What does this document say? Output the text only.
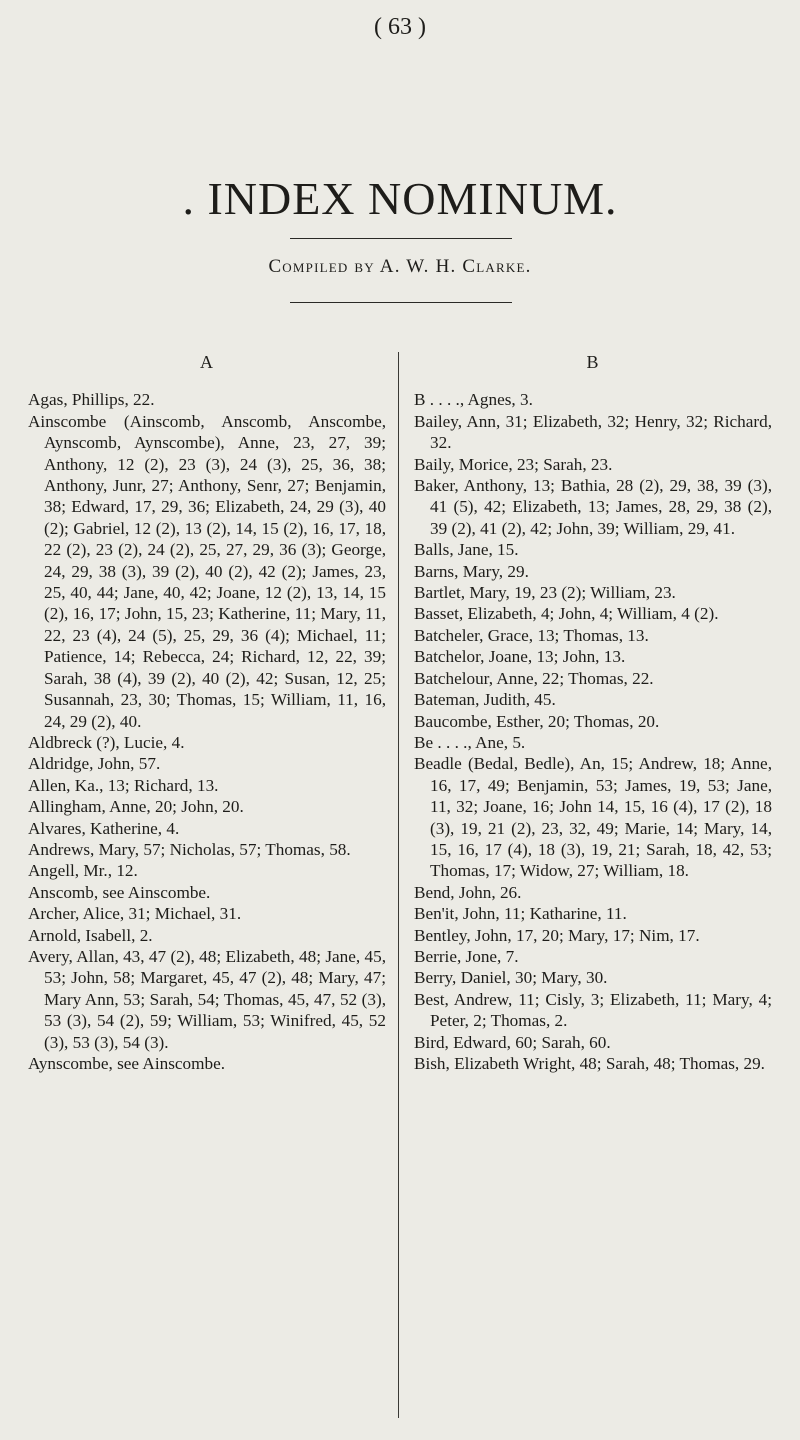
( 63 )
. INDEX NOMINUM.
Compiled by A. W. H. Clarke.
A

Agas, Phillips, 22.

Ainscombe (Ainscomb, Anscomb, Anscombe, Aynscomb, Aynscombe), Anne, 23, 27, 39; Anthony, 12 (2), 23 (3), 24 (3), 25, 36, 38; Anthony, Junr, 27; Anthony, Senr, 27; Benjamin, 38; Edward, 17, 29, 36; Elizabeth, 24, 29 (3), 40 (2); Gabriel, 12 (2), 13 (2), 14, 15 (2), 16, 17, 18, 22 (2), 23 (2), 24 (2), 25, 27, 29, 36 (3); George, 24, 29, 38 (3), 39 (2), 40 (2), 42 (2); James, 23, 25, 40, 44; Jane, 40, 42; Joane, 12 (2), 13, 14, 15 (2), 16, 17; John, 15, 23; Katherine, 11; Mary, 11, 22, 23 (4), 24 (5), 25, 29, 36 (4); Michael, 11; Patience, 14; Rebecca, 24; Richard, 12, 22, 39; Sarah, 38 (4), 39 (2), 40 (2), 42; Susan, 12, 25; Susannah, 23, 30; Thomas, 15; William, 11, 16, 24, 29 (2), 40.

Aldbreck (?), Lucie, 4.

Aldridge, John, 57.

Allen, Ka., 13; Richard, 13.

Allingham, Anne, 20; John, 20.

Alvares, Katherine, 4.

Andrews, Mary, 57; Nicholas, 57; Thomas, 58.

Angell, Mr., 12.

Anscomb, see Ainscombe.

Archer, Alice, 31; Michael, 31.

Arnold, Isabell, 2.

Avery, Allan, 43, 47 (2), 48; Elizabeth, 48; Jane, 45, 53; John, 58; Margaret, 45, 47 (2), 48; Mary, 47; Mary Ann, 53; Sarah, 54; Thomas, 45, 47, 52 (3), 53 (3), 54 (2), 59; William, 53; Winifred, 45, 52 (3), 53 (3), 54 (3).

Aynscombe, see Ainscombe.

B

B . . . ., Agnes, 3.

Bailey, Ann, 31; Elizabeth, 32; Henry, 32; Richard, 32.

Baily, Morice, 23; Sarah, 23.

Baker, Anthony, 13; Bathia, 28 (2), 29, 38, 39 (3), 41 (5), 42; Elizabeth, 13; James, 28, 29, 38 (2), 39 (2), 41 (2), 42; John, 39; William, 29, 41.

Balls, Jane, 15.

Barns, Mary, 29.

Bartlet, Mary, 19, 23 (2); William, 23.

Basset, Elizabeth, 4; John, 4; William, 4 (2).

Batcheler, Grace, 13; Thomas, 13.

Batchelor, Joane, 13; John, 13.

Batchelour, Anne, 22; Thomas, 22.

Bateman, Judith, 45.

Baucombe, Esther, 20; Thomas, 20.

Be . . . ., Ane, 5.

Beadle (Bedal, Bedle), An, 15; Andrew, 18; Anne, 16, 17, 49; Benjamin, 53; James, 19, 53; Jane, 11, 32; Joane, 16; John 14, 15, 16 (4), 17 (2), 18 (3), 19, 21 (2), 23, 32, 49; Marie, 14; Mary, 14, 15, 16, 17 (4), 18 (3), 19, 21; Sarah, 18, 42, 53; Thomas, 17; Widow, 27; William, 18.

Bend, John, 26.

Ben'it, John, 11; Katharine, 11.

Bentley, John, 17, 20; Mary, 17; Nim, 17.

Berrie, Jone, 7.

Berry, Daniel, 30; Mary, 30.

Best, Andrew, 11; Cisly, 3; Elizabeth, 11; Mary, 4; Peter, 2; Thomas, 2.

Bird, Edward, 60; Sarah, 60.

Bish, Elizabeth Wright, 48; Sarah, 48; Thomas, 29.
